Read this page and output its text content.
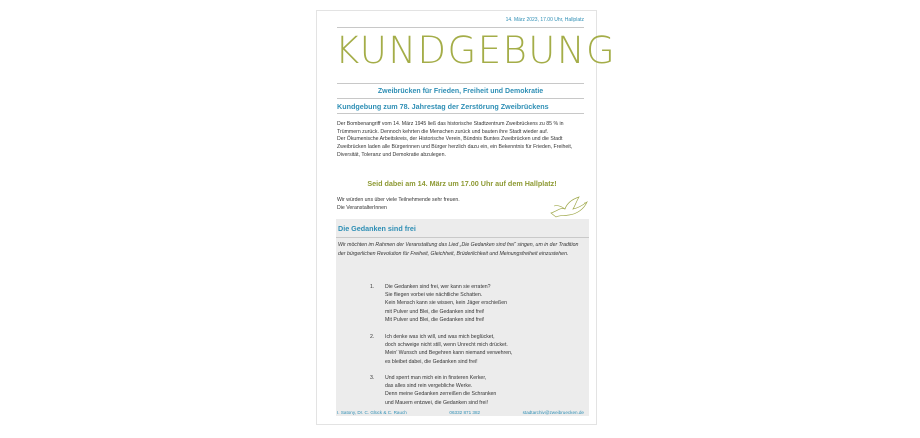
14. März 2023, 17.00 Uhr, Hallplatz
KUNDGEBUNG
Zweibrücken für Frieden, Freiheit und Demokratie
Kundgebung zum 78. Jahrestag der Zerstörung Zweibrückens

Der Bombenangriff vom 14. März 1945 ließ das historische Stadtzentrum Zweibrückens zu 85 % in Trümmern zurück. Dennoch kehrten die Menschen zurück und bauten ihre Stadt wieder auf.

Der Ökumenische Arbeitskreis, der Historische Verein, Bündnis Buntes Zweibrücken und die Stadt Zweibrücken laden alle Bürgerinnen und Bürger herzlich dazu ein, ein Bekenntnis für Frieden, Freiheit, Diversität, Toleranz und Demokratie abzulegen.

Seid dabei am 14. März um 17.00 Uhr auf dem Hallplatz!

Wir würden uns über viele Teilnehmende sehr freuen.

Die VeranstalterInnen

Die Gedanken sind frei
Wir möchten im Rahmen der Veranstaltung das Lied „Die Gedanken sind frei“ singen, um in der Tradition der bürgerlichen Revolution für Freiheit, Gleichheit, Brüderlichkeit und Meinungsfreiheit einzustehen.
1. Die Gedanken sind frei, wer kann sie erraten?
Sie fliegen vorbei wie nächtliche Schatten.
Kein Mensch kann sie wissen, kein Jäger erschießen
mit Pulver und Blei, die Gedanken sind frei!
Mit Pulver und Blei, die Gedanken sind frei!
2. Ich denke was ich will, und was mich beglücket,
doch schweige nicht still, wenn Unrecht mich drücket.
Mein’ Wunsch und Begehren kann niemand verwehren,
es bleibet dabei, die Gedanken sind frei!
3. Und sperrt man mich ein in finsteren Kerker,
das alles sind rein vergebliche Werke.
Denn meine Gedanken zerreißen die Schranken
und Mauern entzwei, die Gedanken sind frei!
I. Satony, Dr. C. Glück & C. Rauch	06332 871 382	stadtarchiv@zweibruecken.de
